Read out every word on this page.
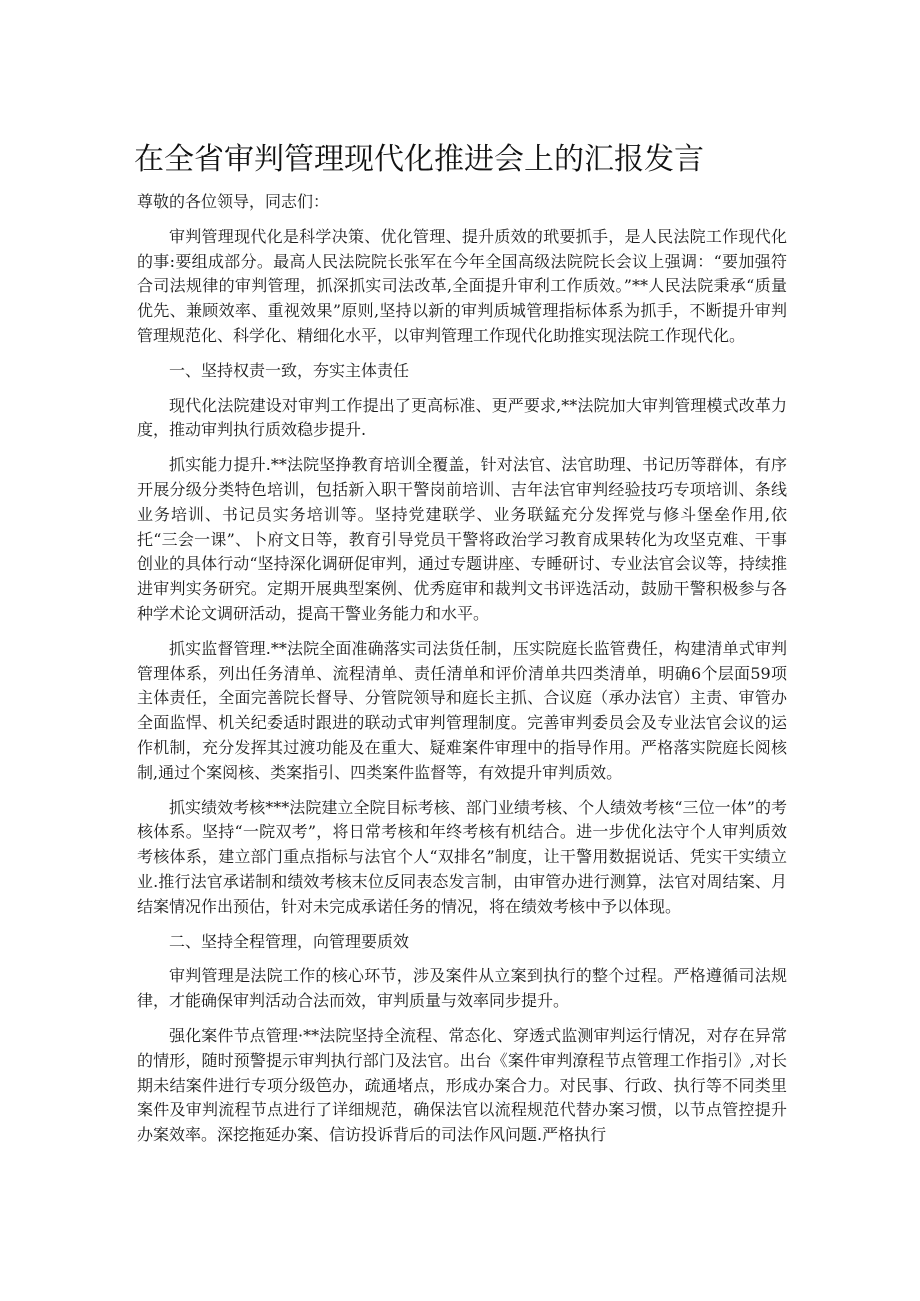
在全省审判管理现代化推进会上的汇报发言

尊敬的各位领导，同志们：

审判管理现代化是科学决策、优化管理、提升质效的玳要抓手，是人民法院工作现代化的事:要组成部分。最高人民法院院长张军在今年全国高级法院院长会议上强调：“要加强符合司法规律的审判管理，抓深抓实司法改革,全面提升审利工作质效。”**人民法院秉承“质量优先、兼顾效率、重视效果”原则,坚持以新的审判质城管理指标体系为抓手，不断提升审判管理规范化、科学化、精细化水平，以审判管理工作现代化助推实现法院工作现代化。

一、坚持权责一致，夯实主体责任

现代化法院建设对审判工作提出了更高标准、更严要求,**法院加大审判管理模式改革力度，推动审判执行质效稳步提升.

抓实能力提升.**法院坚挣教育培训全覆盖，针对法官、法官助理、书记历等群体，有序开展分级分类特色培训，包括新入职干警岗前培训、吉年法官审判经验技巧专项培训、条线业务培训、书记员实务培训等。坚持党建联学、业务联錳充分发挥党与修斗堡垒作用,依托“三会一课”、卜府文日等，教育引导党员干警将政治学习教育成果转化为攻坚克难、干事创业的具体行动“坚持深化调研促审判，通过专题讲座、专睡研讨、专业法官会议等，持续推进审判实务研究。定期开展典型案例、优秀庭审和裁判文书评选活动，鼓励干警积极参与各种学术论文调研活动，提高干警业务能力和水平。

抓实监督管理.**法院全面准确落实司法货任制，压实院庭长监管费任，构建清单式审判管理体系，列出任务清单、流程清单、责任清单和评价清单共四类清单，明确6个层面59项主体责任，全面完善院长督导、分管院领导和庭长主抓、合议庭（承办法官）主责、审管办全面监悍、机关纪委适时跟进的联动式审判管理制度。完善审判委员会及专业法官会议的运作机制，充分发挥其过渡功能及在重大、疑难案件审理中的指导作用。严格落实院庭长阅核制,通过个案阅核、类案指引、四类案件监督等，有效提升审判质效。

抓实绩效考核***法院建立全院目标考核、部门业绩考核、个人绩效考核“三位一体”的考核体系。坚持“一院双考”，将日常考核和年终考核有机结合。进一步优化法守个人审判质效考核体系，建立部门重点指标与法官个人“双排名”制度，让干警用数据说话、凭实干实绩立业.推行法官承诺制和绩效考核末位反同表态发言制，由审管办进行测算，法官对周结案、月结案情况作出预估，针对未完成承诺任务的情况，将在绩效考核中予以体现。

二、坚持全程管理，向管理要质效

审判管理是法院工作的核心环节，涉及案件从立案到执行的整个过程。严格遵循司法规律，才能确保审判活动合法而效，审判质量与效率同步提升。

强化案件节点管理·**法院坚持全流程、常态化、穿透式监测审判运行情况，对存在异常的情形，随时预警提示审判执行部门及法官。出台《案件审判潦程节点管理工作指引》,对长期未结案件进行专项分级笆办，疏通堵点，形成办案合力。对民事、行政、执行等不同类里案件及审判流程节点进行了详细规范，确保法官以流程规范代替办案习惯，以节点管控提升办案效率。深挖拖延办案、信访投诉背后的司法作风问题.严格执行
